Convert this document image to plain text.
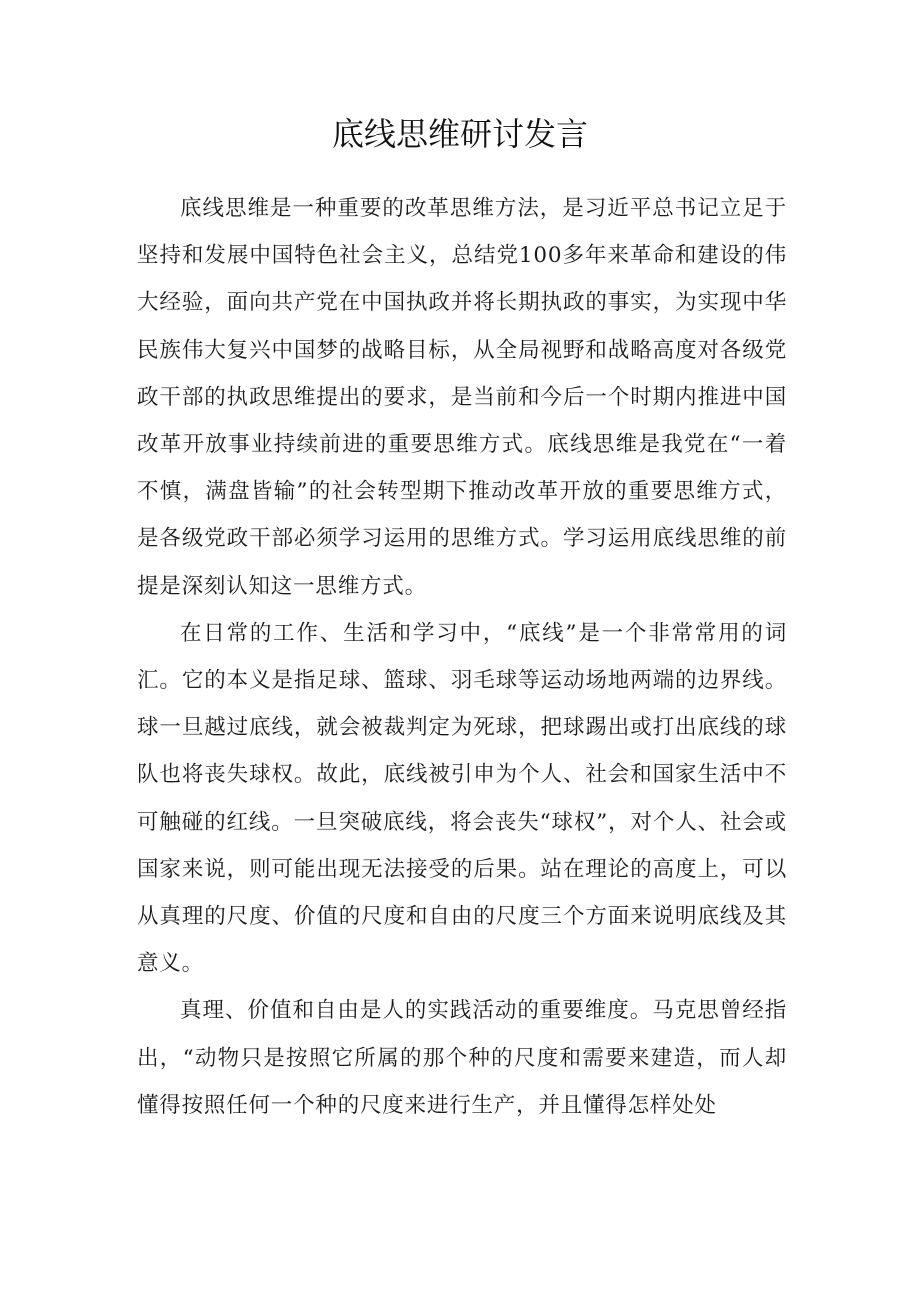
底线思维研讨发言

底线思维是一种重要的改革思维方法，是习近平总书记立足于坚持和发展中国特色社会主义，总结党100多年来革命和建设的伟大经验，面向共产党在中国执政并将长期执政的事实，为实现中华民族伟大复兴中国梦的战略目标，从全局视野和战略高度对各级党政干部的执政思维提出的要求，是当前和今后一个时期内推进中国改革开放事业持续前进的重要思维方式。底线思维是我党在“一着不慎，满盘皆输”的社会转型期下推动改革开放的重要思维方式，是各级党政干部必须学习运用的思维方式。学习运用底线思维的前提是深刻认知这一思维方式。

在日常的工作、生活和学习中，“底线”是一个非常常用的词汇。它的本义是指足球、篮球、羽毛球等运动场地两端的边界线。球一旦越过底线，就会被裁判定为死球，把球踢出或打出底线的球队也将丧失球权。故此，底线被引申为个人、社会和国家生活中不可触碰的红线。一旦突破底线，将会丧失“球权”，对个人、社会或国家来说，则可能出现无法接受的后果。站在理论的高度上，可以从真理的尺度、价值的尺度和自由的尺度三个方面来说明底线及其意义。

真理、价值和自由是人的实践活动的重要维度。马克思曾经指出，“动物只是按照它所属的那个种的尺度和需要来建造，而人却懂得按照任何一个种的尺度来进行生产，并且懂得怎样处处
